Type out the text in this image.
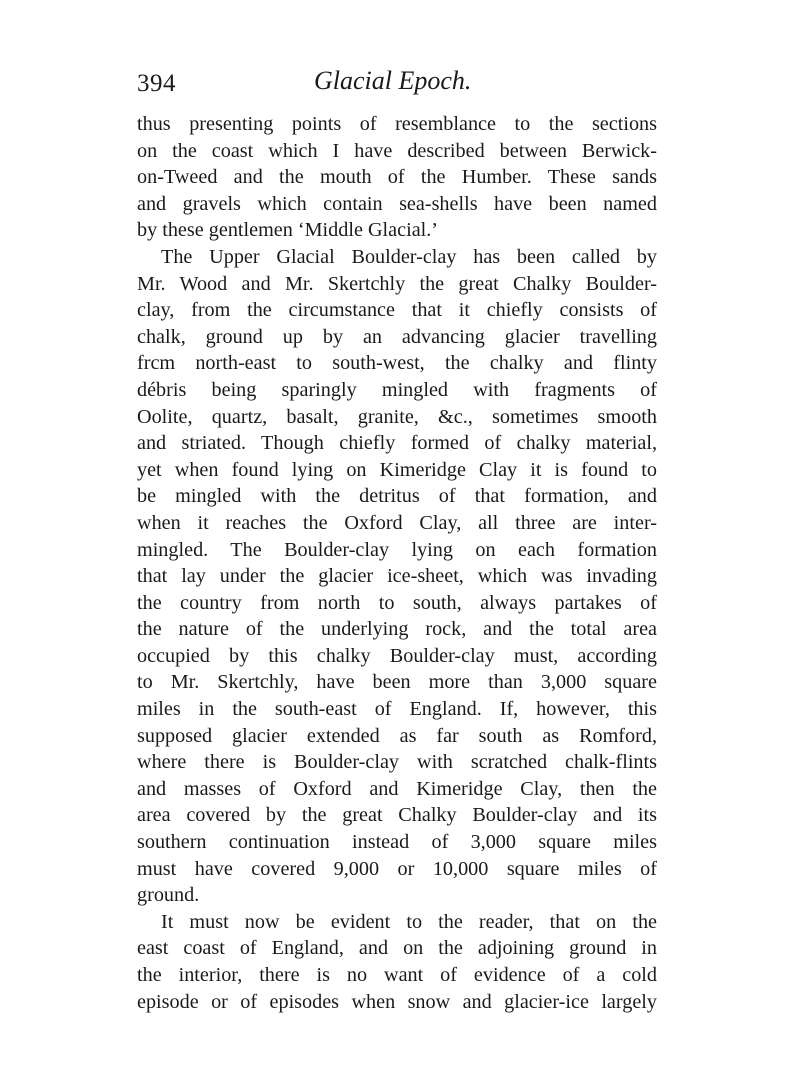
394	Glacial Epoch.
thus presenting points of resemblance to the sections
on the coast which I have described between Berwick-
on-Tweed and the mouth of the Humber. These sands
and gravels which contain sea-shells have been named
by these gentlemen ‘Middle Glacial.’
The Upper Glacial Boulder-clay has been called by
Mr. Wood and Mr. Skertchly the great Chalky Boulder-
clay, from the circumstance that it chiefly consists of
chalk, ground up by an advancing glacier travelling
frcm north-east to south-west, the chalky and flinty
débris being sparingly mingled with fragments of
Oolite, quartz, basalt, granite, &c., sometimes smooth
and striated. Though chiefly formed of chalky material,
yet when found lying on Kimeridge Clay it is found to
be mingled with the detritus of that formation, and
when it reaches the Oxford Clay, all three are inter-
mingled. The Boulder-clay lying on each formation
that lay under the glacier ice-sheet, which was invading
the country from north to south, always partakes of
the nature of the underlying rock, and the total area
occupied by this chalky Boulder-clay must, according
to Mr. Skertchly, have been more than 3,000 square
miles in the south-east of England. If, however, this
supposed glacier extended as far south as Romford,
where there is Boulder-clay with scratched chalk-flints
and masses of Oxford and Kimeridge Clay, then the
area covered by the great Chalky Boulder-clay and its
southern continuation instead of 3,000 square miles
must have covered 9,000 or 10,000 square miles of
ground.
It must now be evident to the reader, that on the
east coast of England, and on the adjoining ground in
the interior, there is no want of evidence of a cold
episode or of episodes when snow and glacier-ice largely
